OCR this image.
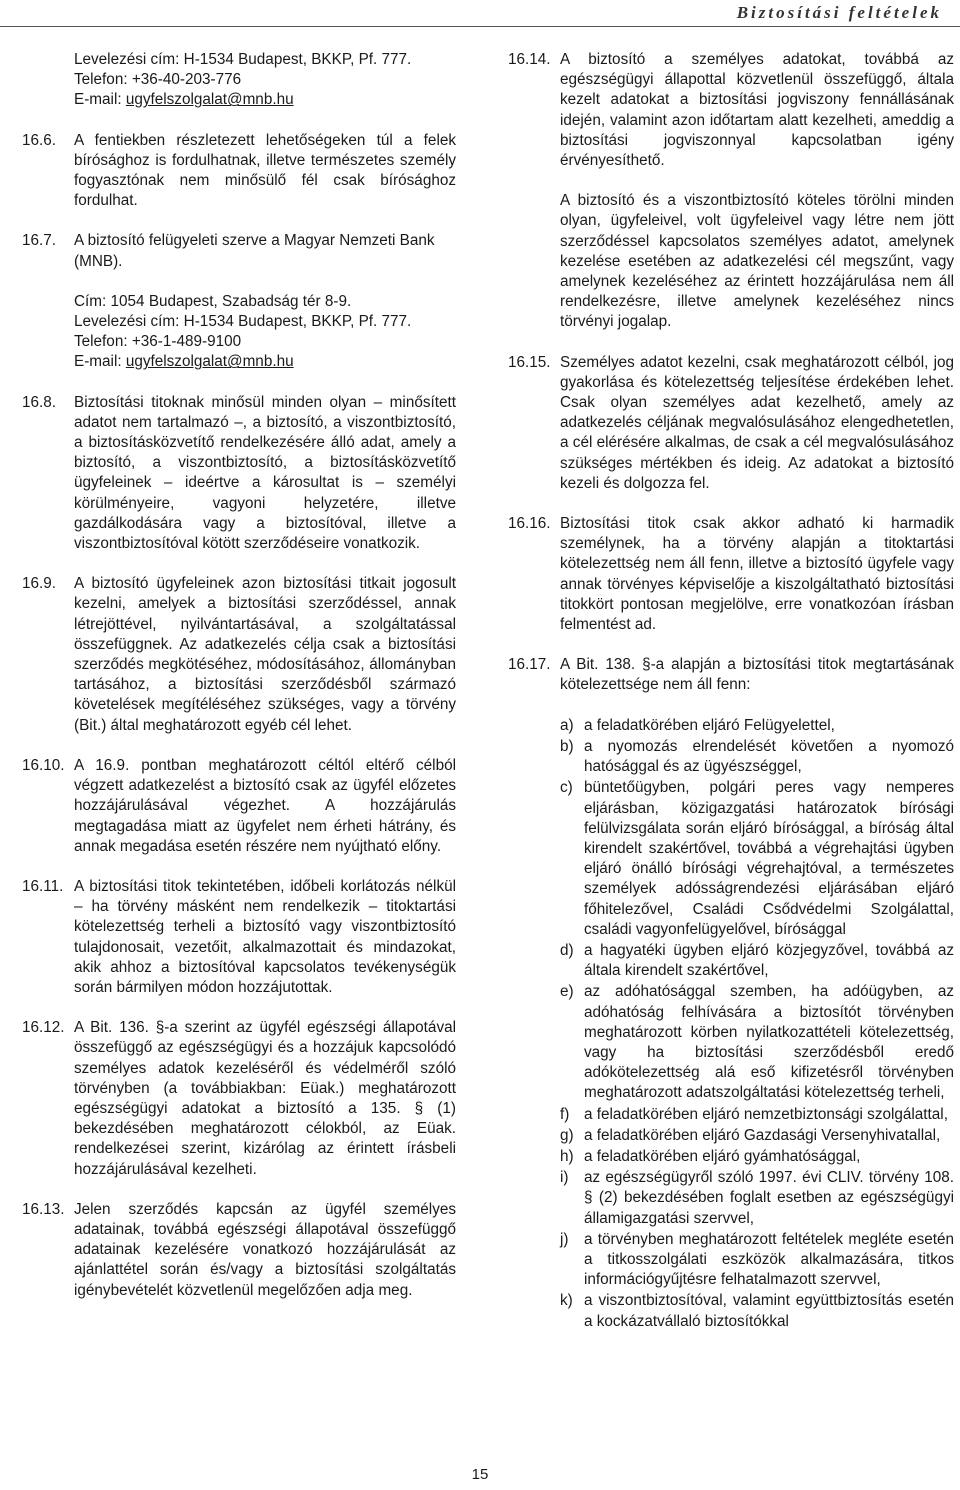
Biztosítási feltételek
Levelezési cím: H-1534 Budapest, BKKP, Pf. 777.
Telefon: +36-40-203-776
E-mail: ugyfelszolgalat@mnb.hu
16.6.	A fentiekben részletezett lehetőségeken túl a felek bírósághoz is fordulhatnak, illetve természetes személy fogyasztónak nem minősülő fél csak bírósághoz fordulhat.
16.7.	A biztosító felügyeleti szerve a Magyar Nemzeti Bank (MNB).
Cím: 1054 Budapest, Szabadság tér 8-9.
Levelezési cím: H-1534 Budapest, BKKP, Pf. 777.
Telefon: +36-1-489-9100
E-mail: ugyfelszolgalat@mnb.hu
16.8.	Biztosítási titoknak minősül minden olyan – minősített adatot nem tartalmazó –, a biztosító, a viszontbiztosító, a biztosításközvetítő rendelkezésére álló adat, amely a biztosító, a viszontbiztosító, a biztosításközvetítő ügyfeleinek – ideértve a károsultat is – személyi körülményeire, vagyoni helyzetére, illetve gazdálkodására vagy a biztosítóval, illetve a viszontbiztosítóval kötött szerződéseire vonatkozik.
16.9.	A biztosító ügyfeleinek azon biztosítási titkait jogosult kezelni, amelyek a biztosítási szerződéssel, annak létrejöttével, nyilvántartásával, a szolgáltatással összefüggnek. Az adatkezelés célja csak a biztosítási szerződés megkötéséhez, módosításához, állományban tartásához, a biztosítási szerződésből származó követelések megítéléséhez szükséges, vagy a törvény (Bit.) által meghatározott egyéb cél lehet.
16.10. A 16.9. pontban meghatározott céltól eltérő célból végzett adatkezelést a biztosító csak az ügyfél előzetes hozzájárulásával végezhet. A hozzájárulás megtagadása miatt az ügyfelet nem érheti hátrány, és annak megadása esetén részére nem nyújtható előny.
16.11. A biztosítási titok tekintetében, időbeli korlátozás nélkül – ha törvény másként nem rendelkezik – titoktartási kötelezettség terheli a biztosító vagy viszontbiztosító tulajdonosait, vezetőit, alkalmazottait és mindazokat, akik ahhoz a biztosítóval kapcsolatos tevékenységük során bármilyen módon hozzájutottak.
16.12. A Bit. 136. §-a szerint az ügyfél egészségi állapotával összefüggő az egészségügyi és a hozzájuk kapcsolódó személyes adatok kezeléséről és védelméről szóló törvényben (a továbbiakban: Eüak.) meghatározott egészségügyi adatokat a biztosító a 135. § (1) bekezdésében meghatározott célokból, az Eüak. rendelkezései szerint, kizárólag az érintett írásbeli hozzájárulásával kezelheti.
16.13. Jelen szerződés kapcsán az ügyfél személyes adatainak, továbbá egészségi állapotával összefüggő adatainak kezelésére vonatkozó hozzájárulását az ajánlattétel során és/vagy a biztosítási szolgáltatás igénybevételét közvetlenül megelőzően adja meg.
16.14. A biztosító a személyes adatokat, továbbá az egészségügyi állapottal közvetlenül összefüggő, általa kezelt adatokat a biztosítási jogviszony fennállásának idején, valamint azon időtartam alatt kezelheti, ameddig a biztosítási jogviszonnyal kapcsolatban igény érvényesíthető.

A biztosító és a viszontbiztosító köteles törölni minden olyan, ügyfeleivel, volt ügyfeleivel vagy létre nem jött szerződéssel kapcsolatos személyes adatot, amelynek kezelése esetében az adatkezelési cél megszűnt, vagy amelynek kezeléséhez az érintett hozzájárulása nem áll rendelkezésre, illetve amelynek kezeléséhez nincs törvényi jogalap.

16.15. Személyes adatot kezelni, csak meghatározott célból, jog gyakorlása és kötelezettség teljesítése érdekében lehet. Csak olyan személyes adat kezelhető, amely az adatkezelés céljának megvalósulásához elengedhetetlen, a cél elérésére alkalmas, de csak a cél megvalósulásához szükséges mértékben és ideig. Az adatokat a biztosító kezeli és dolgozza fel.
16.16. Biztosítási titok csak akkor adható ki harmadik személynek, ha a törvény alapján a titoktartási kötelezettség nem áll fenn, illetve a biztosító ügyfele vagy annak törvényes képviselője a kiszolgáltatható biztosítási titokkört pontosan megjelölve, erre vonatkozóan írásban felmentést ad.
16.17. A Bit. 138. §-a alapján a biztosítási titok megtartásának kötelezettsége nem áll fenn:
a) a feladatkörében eljáró Felügyelettel,
b) a nyomozás elrendelését követően a nyomozó hatósággal és az ügyészséggel,
c) büntetőügyben, polgári peres vagy nemperes eljárásban, közigazgatási határozatok bírósági felülvizsgálata során eljáró bírósággal, a bíróság által kirendelt szakértővel, továbbá a végrehajtási ügyben eljáró önálló bírósági végrehajtóval, a természetes személyek adósságrendezési eljárásában eljáró főhitelezővel, Családi Csődvédelmi Szolgálattal, családi vagyonfelügyelővel, bírósággal
d) a hagyatéki ügyben eljáró közjegyzővel, továbbá az általa kirendelt szakértővel,
e) az adóhatósággal szemben, ha adóügyben, az adóhatóság felhívására a biztosítót törvényben meghatározott körben nyilatkozattételi kötelezettség, vagy ha biztosítási szerződésből eredő adókötelezettség alá eső kifizetésről törvényben meghatározott adatszolgáltatási kötelezettség terheli,
f) a feladatkörében eljáró nemzetbiztonsági szolgálattal,
g) a feladatkörében eljáró Gazdasági Versenyhivatallal,
h) a feladatkörében eljáró gyámhatósággal,
i)	az egészségügyről szóló 1997. évi CLIV. törvény 108. § (2) bekezdésében foglalt esetben az egészségügyi államigazgatási szervvel,
j)	a törvényben meghatározott feltételek megléte esetén a titkosszolgálati eszközök alkalmazására, titkos információgyűjtésre felhatalmazott szervvel,
k) a viszontbiztosítóval, valamint együttbiztosítás esetén a kockázatvállaló biztosítókkal
15
